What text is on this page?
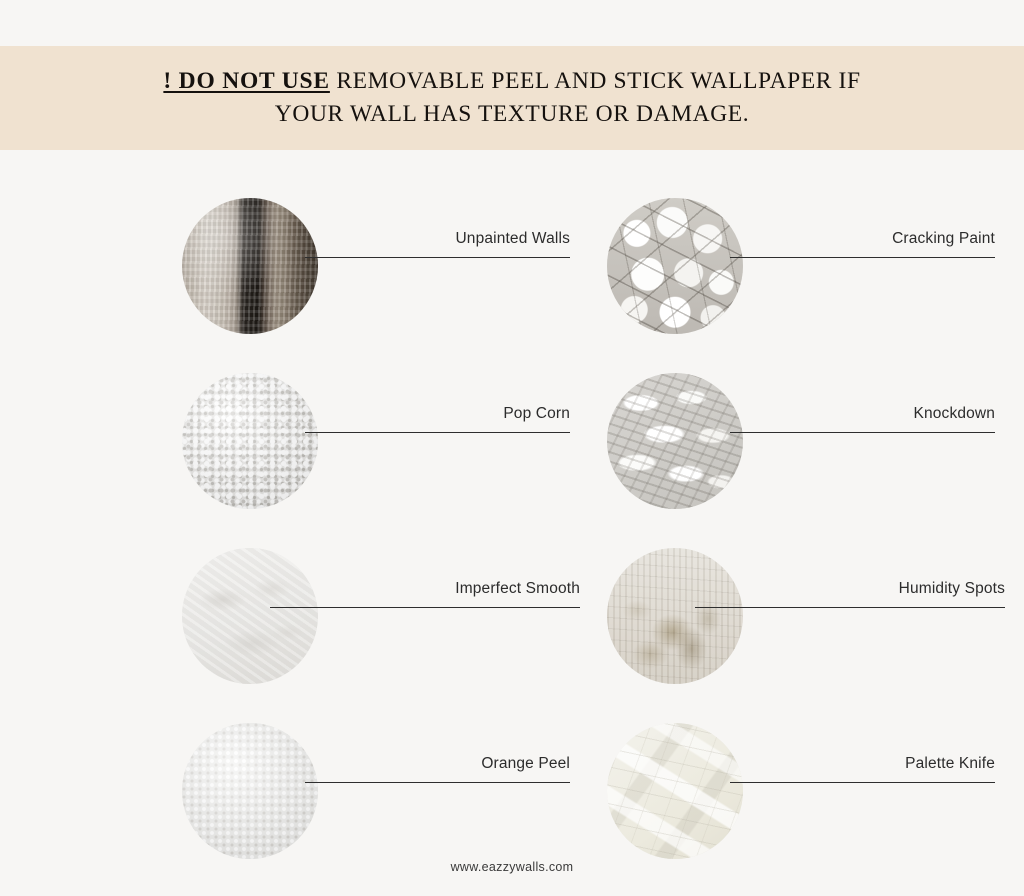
! DO NOT USE REMOVABLE PEEL AND STICK WALLPAPER IF
YOUR WALL HAS TEXTURE OR DAMAGE.
Unpainted Walls	Cracking Paint
Pop Corn	Knockdown
Imperfect Smooth	Humidity Spots
Orange Peel	Palette Knife
www.eazzywalls.com
